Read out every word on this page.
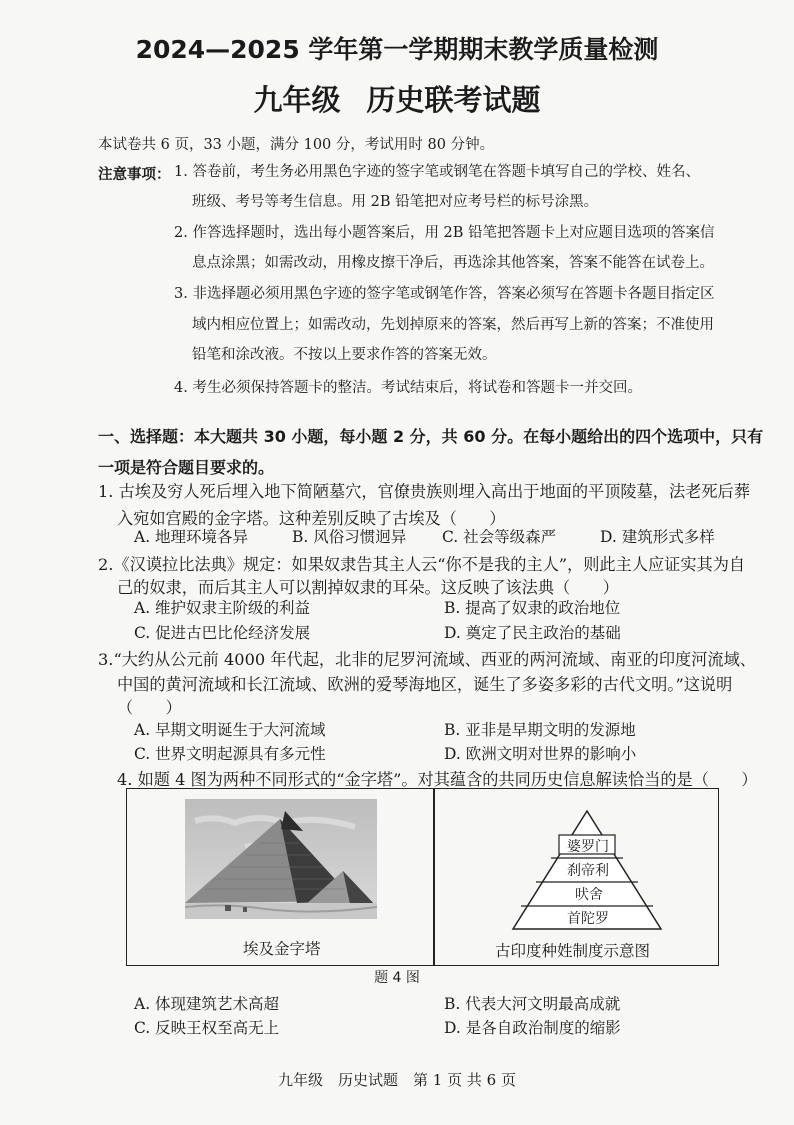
2024—2025 学年第一学期期末教学质量检测
九年级 历史联考试题
本试卷共 6 页，33 小题，满分 100 分，考试用时 80 分钟。
注意事项： 1. 答卷前，考生务必用黑色字迹的签字笔或钢笔在答题卡填写自己的学校、姓名、
班级、考号等考生信息。用 2B 铅笔把对应考号栏的标号涂黑。
2. 作答选择题时，选出每小题答案后，用 2B 铅笔把答题卡上对应题目选项的答案信
息点涂黑；如需改动，用橡皮擦干净后，再选涂其他答案，答案不能答在试卷上。
3. 非选择题必须用黑色字迹的签字笔或钢笔作答，答案必须写在答题卡各题目指定区
域内相应位置上；如需改动，先划掉原来的答案，然后再写上新的答案；不准使用
铅笔和涂改液。不按以上要求作答的答案无效。
4. 考生必须保持答题卡的整洁。考试结束后，将试卷和答题卡一并交回。
一、选择题：本大题共 30 小题，每小题 2 分，共 60 分。在每小题给出的四个选项中，只有
一项是符合题目要求的。
1. 古埃及穷人死后埋入地下简陋墓穴，官僚贵族则埋入高出于地面的平顶陵墓，法老死后葬
入宛如宫殿的金字塔。这种差别反映了古埃及（　　）
A. 地理环境各异	B. 风俗习惯迥异 C. 社会等级森严	D. 建筑形式多样
2.《汉谟拉比法典》规定：如果奴隶告其主人云“你不是我的主人”，则此主人应证实其为自
己的奴隶，而后其主人可以割掉奴隶的耳朵。这反映了该法典（　　）
A. 维护奴隶主阶级的利益	B. 提高了奴隶的政治地位
C. 促进古巴比伦经济发展	D. 奠定了民主政治的基础
3.“大约从公元前 4000 年代起，北非的尼罗河流域、西亚的两河流域、南亚的印度河流域、
中国的黄河流域和长江流域、欧洲的爱琴海地区，诞生了多姿多彩的古代文明。”这说明
（　　）
A. 早期文明诞生于大河流域	B. 亚非是早期文明的发源地
C. 世界文明起源具有多元性	D. 欧洲文明对世界的影响小
4. 如题 4 图为两种不同形式的“金字塔”。对其蕴含的共同历史信息解读恰当的是（　　）
埃及金字塔
婆罗门
刹帝利
吠舍
首陀罗
古印度种姓制度示意图
题 4 图
A. 体现建筑艺术高超	B. 代表大河文明最高成就
C. 反映王权至高无上	D. 是各自政治制度的缩影
九年级　历史试题　第 1 页 共 6 页
